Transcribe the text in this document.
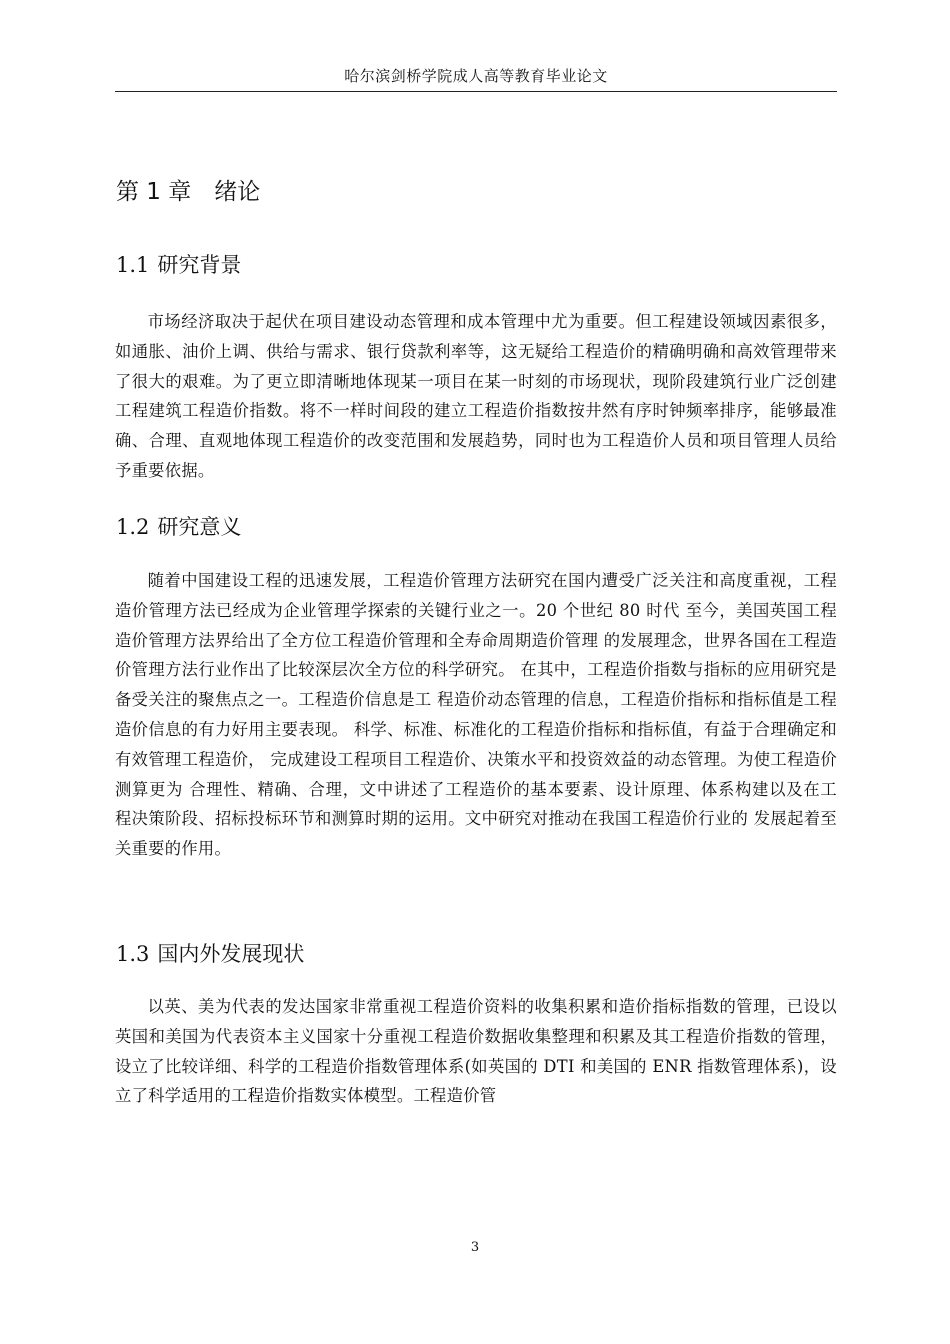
哈尔滨剑桥学院成人高等教育毕业论文
第 1 章　绪论
1.1 研究背景

市场经济取决于起伏在项目建设动态管理和成本管理中尤为重要。但工程建设领域因素很多，如通胀、油价上调、供给与需求、银行贷款利率等，这无疑给工程造价的精确明确和高效管理带来了很大的艰难。为了更立即清晰地体现某一项目在某一时刻的市场现状，现阶段建筑行业广泛创建工程建筑工程造价指数。将不一样时间段的建立工程造价指数按井然有序时钟频率排序，能够最准确、合理、直观地体现工程造价的改变范围和发展趋势，同时也为工程造价人员和项目管理人员给予重要依据。

1.2 研究意义

随着中国建设工程的迅速发展，工程造价管理方法研究在国内遭受广泛关注和高度重视，工程造价管理方法已经成为企业管理学探索的关键行业之一。20 个世纪 80 时代 至今，美国英国工程造价管理方法界给出了全方位工程造价管理和全寿命周期造价管理 的发展理念，世界各国在工程造价管理方法行业作出了比较深层次全方位的科学研究。 在其中，工程造价指数与指标的应用研究是备受关注的聚焦点之一。工程造价信息是工 程造价动态管理的信息，工程造价指标和指标值是工程造价信息的有力好用主要表现。 科学、标准、标准化的工程造价指标和指标值，有益于合理确定和有效管理工程造价， 完成建设工程项目工程造价、决策水平和投资效益的动态管理。为使工程造价测算更为 合理性、精确、合理，文中讲述了工程造价的基本要素、设计原理、体系构建以及在工 程决策阶段、招标投标环节和测算时期的运用。文中研究对推动在我国工程造价行业的 发展起着至关重要的作用。

1.3 国内外发展现状

以英、美为代表的发达国家非常重视工程造价资料的收集积累和造价指标指数的管理，已设以英国和美国为代表资本主义国家十分重视工程造价数据收集整理和积累及其工程造价指数的管理，设立了比较详细、科学的工程造价指数管理体系(如英国的 DTI 和美国的 ENR 指数管理体系)，设立了科学适用的工程造价指数实体模型。工程造价管

3
